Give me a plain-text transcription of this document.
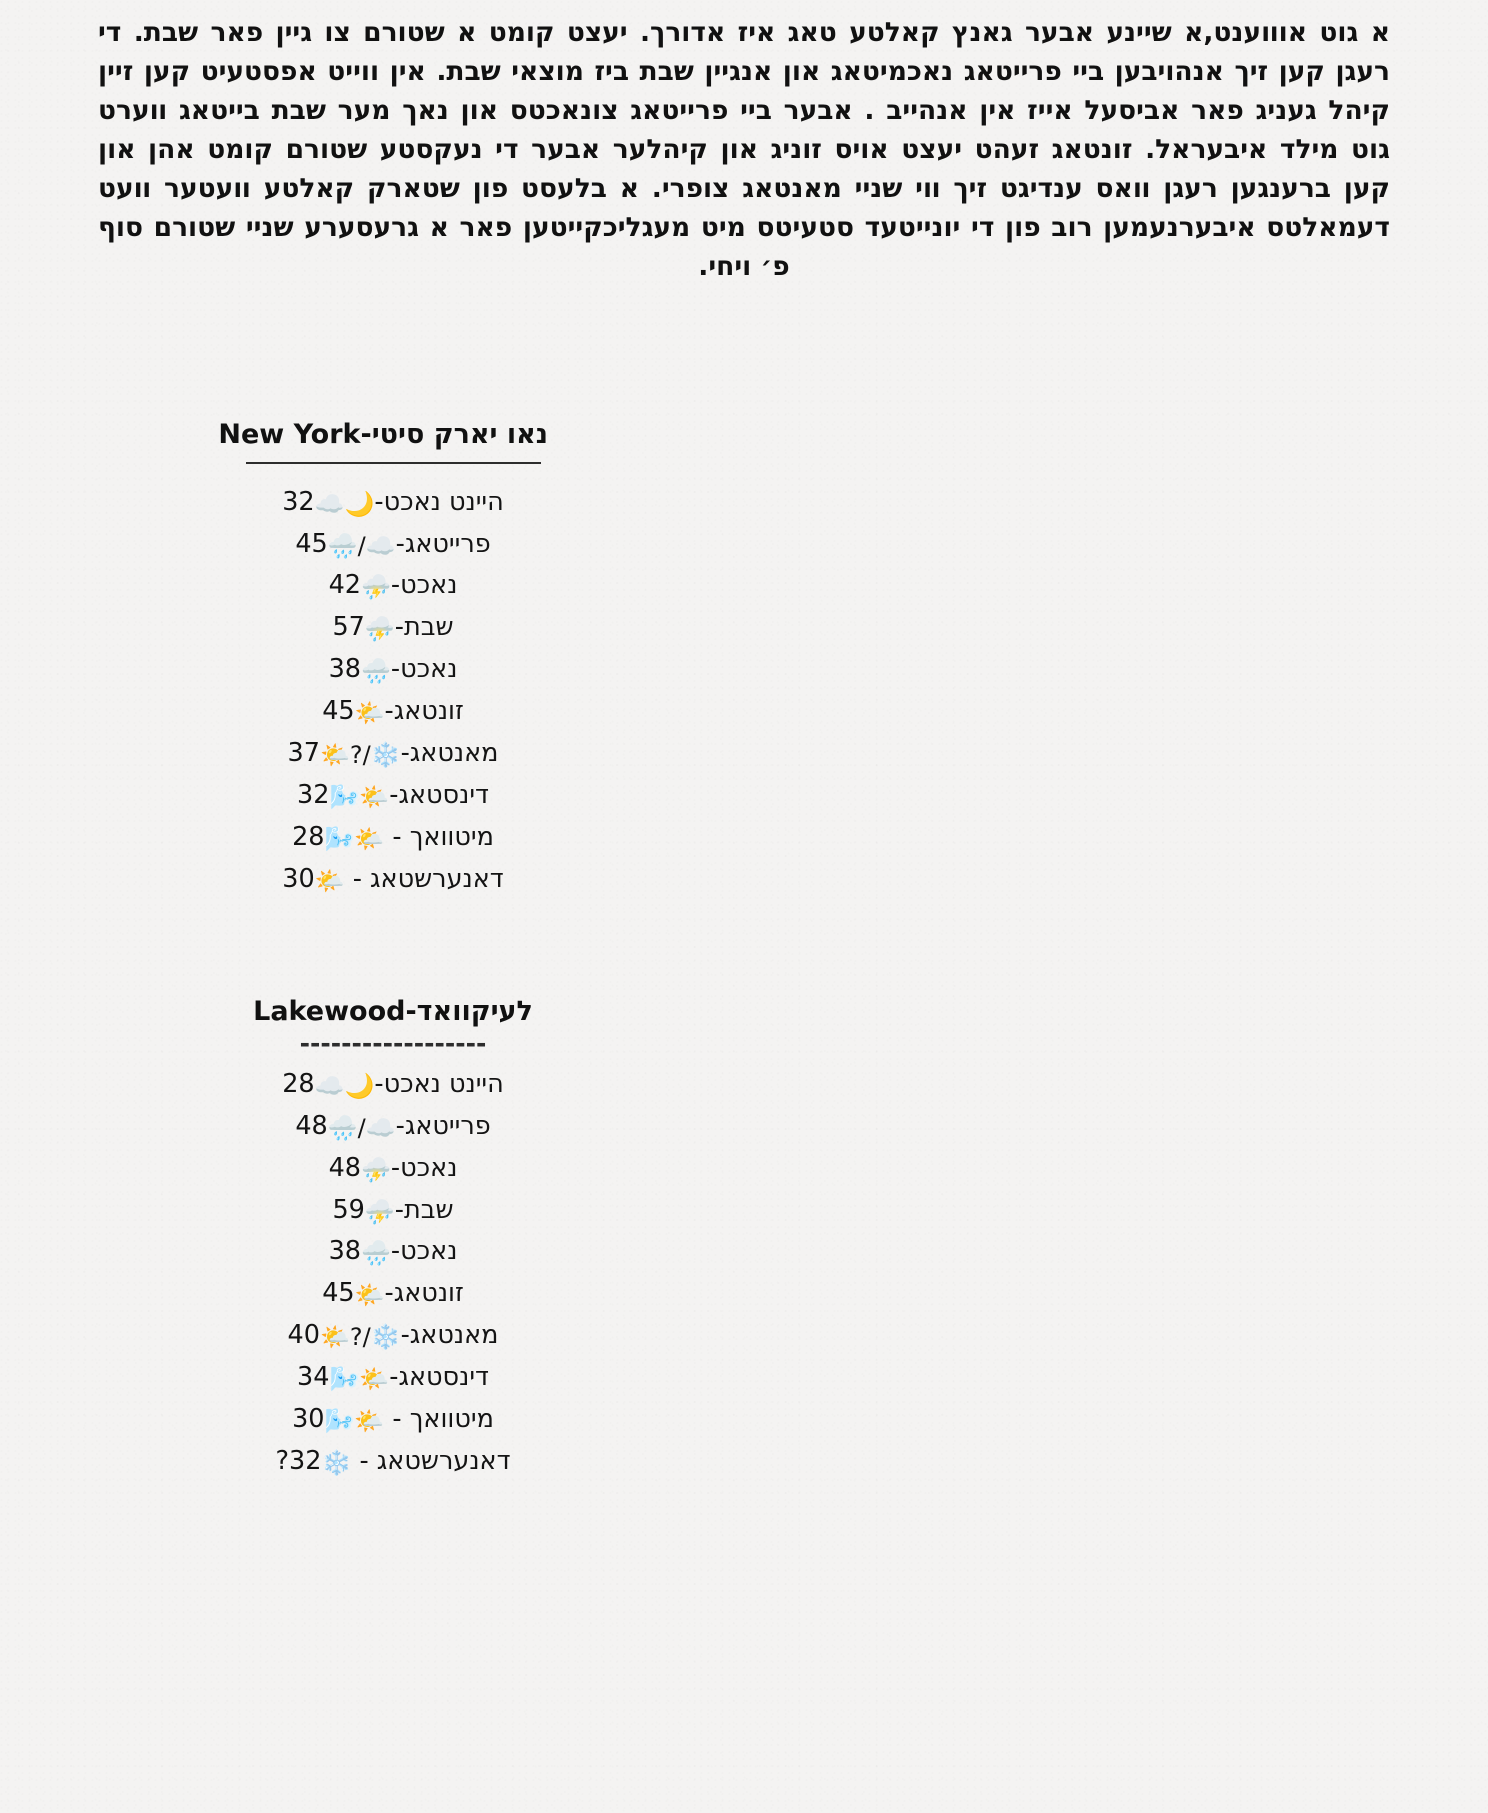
א גוט אוװענט,א שיינע אבער גאנץ קאלטע טאג איז אדורך. יעצט קומט א שטורם צו גיין פאר שבת. די רעגן קען זיך אנהויבען ביי פרייטאג נאכמיטאג און אנגיין שבת ביז מוצאי שבת. אין ווייט אפסטעיט קען זיין קיהל געניג פאר אביסעל אייז אין אנהייב . אבער ביי פרייטאג צונאכטס און נאך מער שבת בייטאג װערט גוט מילד איבעראל. זונטאג זעהט יעצט אויס זוניג און קיהלער אבער די נעקסטע שטורם קומט אהן און קען ברענגען רעגן װאס ענדיגט זיך װי שניי מאנטאג צופרי. א בלעסט פון שטארק קאלטע װעטער װעט דעמאלטס איבערנעמען רוב פון די יונייטעד סטעיטס מיט מעגליכקייטען פאר א גרעסערע שניי שטורם סוף פ׳ ויחי.

נאו יארק סיטי-New York
היינט נאכט-🌙☁️32
פרייטאג-☁️/🌧️45
נאכט-⛈️42
שבת-⛈️57
נאכט-🌧️38
זונטאג-🌤️45
מאנטאג-❄️/?🌤️37
דינסטאג-🌤️🌬️32
מיטוואך - 🌤️🌬️28
דאנערשטאג - 🌤️30
לעיקוואד-Lakewood
------------------
היינט נאכט-🌙☁️28
פרייטאג-☁️/🌧️48
נאכט-⛈️48
שבת-⛈️59
נאכט-🌧️38
זונטאג-🌤️45
מאנטאג-❄️/?🌤️40
דינסטאג-🌤️🌬️34
מיטוואך - 🌤️🌬️30
דאנערשטאג - ❄️32?
